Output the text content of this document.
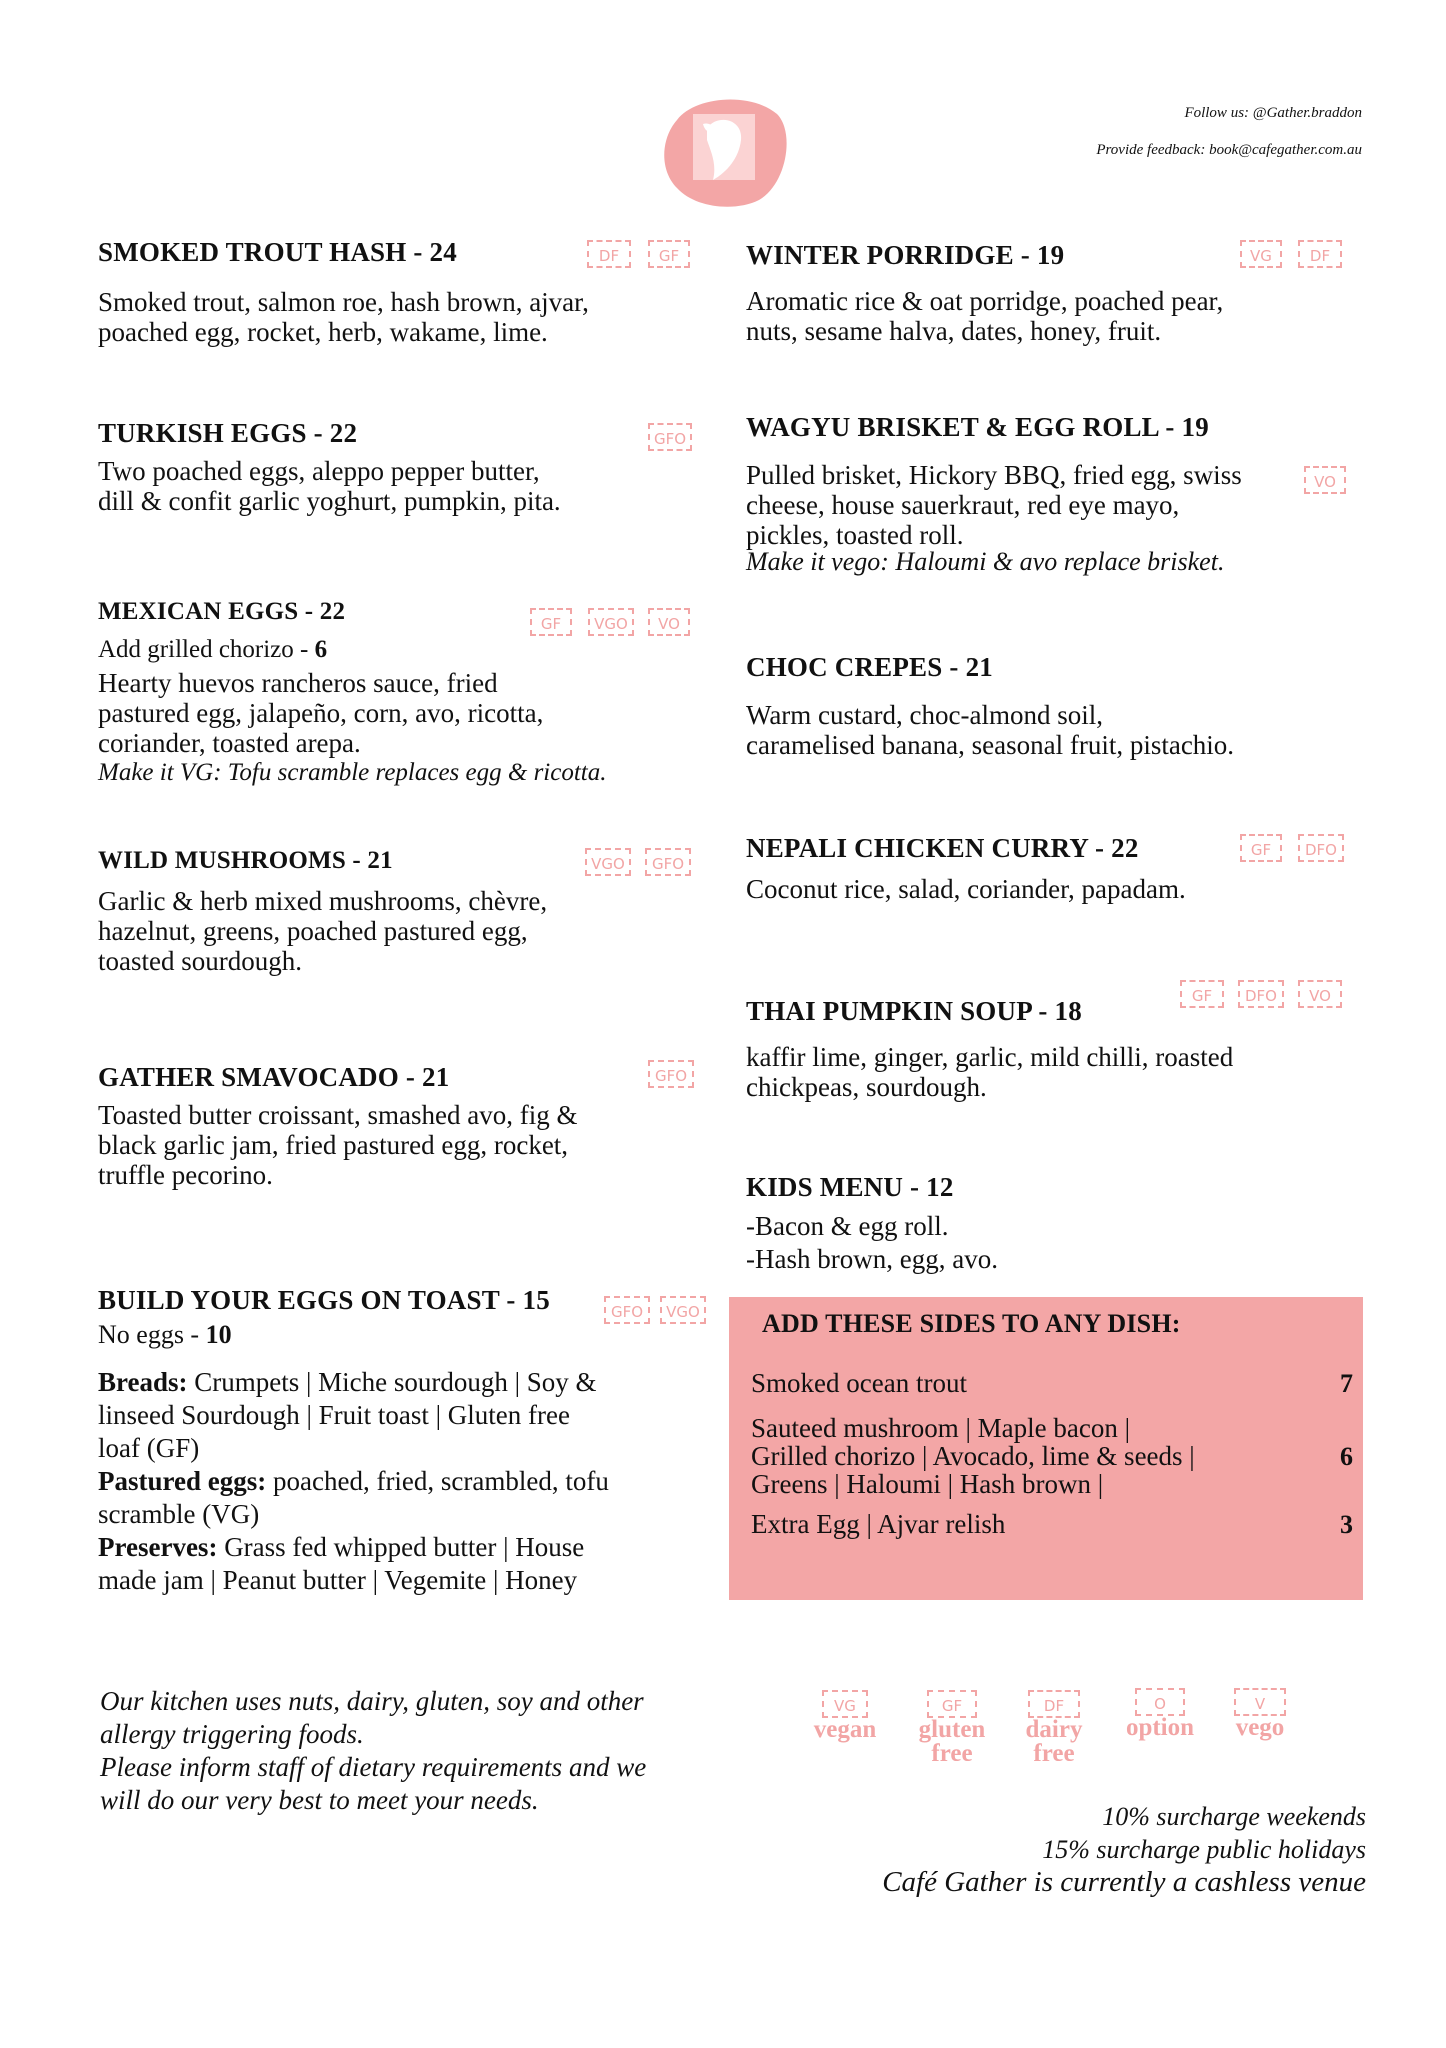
Follow us: @Gather.braddon
Provide feedback: book@cafegather.com.au
SMOKED TROUT HASH - 24	DF	GF
Smoked trout, salmon roe, hash brown, ajvar,
poached egg, rocket, herb, wakame, lime.
TURKISH EGGS - 22	GFO
Two poached eggs, aleppo pepper butter,
dill & confit garlic yoghurt, pumpkin, pita.
MEXICAN EGGS - 22	GF	VGO	VO
Add grilled chorizo - 6
Hearty huevos rancheros sauce, fried
pastured egg, jalapeño, corn, avo, ricotta,
coriander, toasted arepa.
Make it VG: Tofu scramble replaces egg & ricotta.
WILD MUSHROOMS - 21	VGO	GFO
Garlic & herb mixed mushrooms, chèvre,
hazelnut, greens, poached pastured egg,
toasted sourdough.
GATHER SMAVOCADO - 21	GFO
Toasted butter croissant, smashed avo, fig &
black garlic jam, fried pastured egg, rocket,
truffle pecorino.
BUILD YOUR EGGS ON TOAST - 15	GFO	VGO
No eggs - 10
Breads: Crumpets | Miche sourdough | Soy &
linseed Sourdough | Fruit toast | Gluten free
loaf (GF)
Pastured eggs: poached, fried, scrambled, tofu
scramble (VG)
Preserves: Grass fed whipped butter | House
made jam | Peanut butter | Vegemite | Honey
WINTER PORRIDGE - 19	VG	DF
Aromatic rice & oat porridge, poached pear,
nuts, sesame halva, dates, honey, fruit.
WAGYU BRISKET & EGG ROLL - 19
VO
Pulled brisket, Hickory BBQ, fried egg, swiss
cheese, house sauerkraut, red eye mayo,
pickles, toasted roll.
Make it vego: Haloumi & avo replace brisket.
CHOC CREPES - 21
Warm custard, choc-almond soil,
caramelised banana, seasonal fruit, pistachio.
NEPALI CHICKEN CURRY - 22	GF	DFO
Coconut rice, salad, coriander, papadam.
THAI PUMPKIN SOUP - 18	GF	DFO	VO
kaffir lime, ginger, garlic, mild chilli, roasted
chickpeas, sourdough.
KIDS MENU - 12
-Bacon & egg roll.
-Hash brown, egg, avo.
ADD THESE SIDES TO ANY DISH:
Smoked ocean trout	7
Sauteed mushroom | Maple bacon |
Grilled chorizo | Avocado, lime & seeds |
Greens | Haloumi | Hash brown |
6
Extra Egg | Ajvar relish	3
Our kitchen uses nuts, dairy, gluten, soy and other
allergy triggering foods.
Please inform staff of dietary requirements and we
will do our very best to meet your needs.
VG
vegan
GF
gluten
free
DF
dairy
free
O
option
V
vego
10% surcharge weekends
15% surcharge public holidays
Café Gather is currently a cashless venue
